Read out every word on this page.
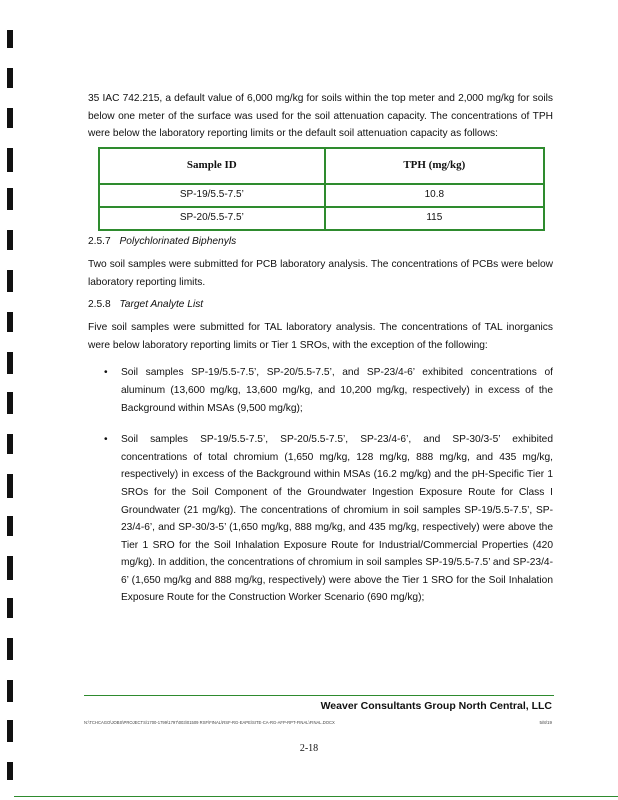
35 IAC 742.215, a default value of 6,000 mg/kg for soils within the top meter and 2,000 mg/kg for soils below one meter of the surface was used for the soil attenuation capacity. The concentrations of TPH were below the laboratory reporting limits or the default soil attenuation capacity as follows:

Sample ID	TPH (mg/kg)
SP-19/5.5-7.5’	10.8
SP-20/5.5-7.5’	115
2.5.7 Polychlorinated Biphenyls

Two soil samples were submitted for PCB laboratory analysis. The concentrations of PCBs were below laboratory reporting limits.

2.5.8 Target Analyte List

Five soil samples were submitted for TAL laboratory analysis. The concentrations of TAL inorganics were below laboratory reporting limits or Tier 1 SROs, with the exception of the following:

• Soil samples SP-19/5.5-7.5’, SP-20/5.5-7.5’, and SP-23/4-6’ exhibited concentrations of aluminum (13,600 mg/kg, 13,600 mg/kg, and 10,200 mg/kg, respectively) in excess of the Background within MSAs (9,500 mg/kg);
• Soil samples SP-19/5.5-7.5’, SP-20/5.5-7.5’, SP-23/4-6’, and SP-30/3-5’ exhibited concentrations of total chromium (1,650 mg/kg, 128 mg/kg, 888 mg/kg, and 435 mg/kg, respectively) in excess of the Background within MSAs (16.2 mg/kg) and the pH-Specific Tier 1 SROs for the Soil Component of the Groundwater Ingestion Exposure Route for Class I Groundwater (21 mg/kg). The concentrations of chromium in soil samples SP-19/5.5-7.5’, SP-23/4-6’, and SP-30/3-5’ (1,650 mg/kg, 888 mg/kg, and 435 mg/kg, respectively) were above the Tier 1 SRO for the Soil Inhalation Exposure Route for Industrial/Commercial Properties (420 mg/kg). In addition, the concentrations of chromium in soil samples SP-19/5.5-7.5’ and SP-23/4-6’ (1,650 mg/kg and 888 mg/kg, respectively) were above the Tier 1 SRO for the Soil Inhalation Exposure Route for the Construction Worker Scenario (690 mg/kg);
Weaver Consultants Group North Central, LLC
N:\TCHCAGO\JOBS\PROJECTS\1700-1799\1797\003\01509 RSF\FINAL\RSF-RG-EAPE\SITE-CA-RG-AFP-RPT-FINAL\FINAL.DOCX	5/8/19
2-18
